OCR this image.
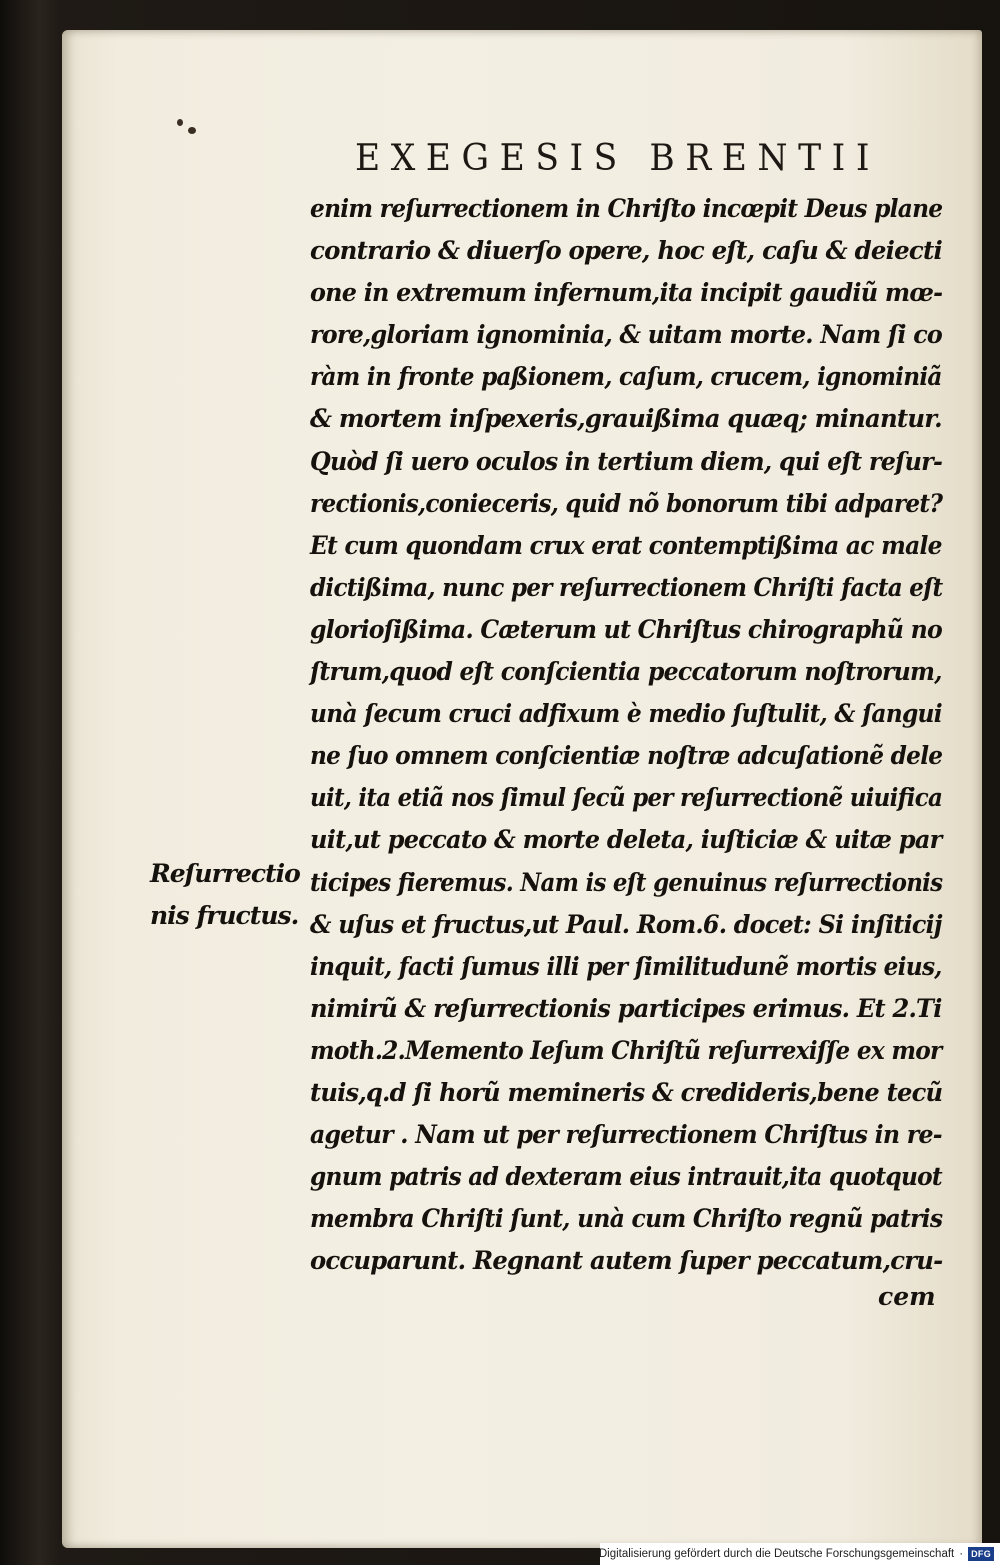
EXEGESIS BRENTII
enim reſurrectionem in Chriſto incœpit Deus plane
contrario & diuerſo opere, hoc eſt, caſu & deiecti
one in extremum infernum,ita incipit gaudiũ mœ-
rore,gloriam ignominia, & uitam morte. Nam ſi co
ràm in fronte paßionem, caſum, crucem, ignominiã
& mortem inſpexeris,grauißima quæq; minantur.
Quòd ſi uero oculos in tertium diem, qui eſt reſur-
rectionis,conieceris, quid nõ bonorum tibi adparet?
Et cum quondam crux erat contemptißima ac male
dictißima, nunc per reſurrectionem Chriſti facta eſt
glorioſißima. Cæterum ut Chriſtus chirographũ no
ſtrum,quod eſt conſcientia peccatorum noſtrorum,
unà ſecum cruci adfixum è medio ſuſtulit, & ſangui
ne ſuo omnem conſcientiæ noſtræ adcuſationẽ dele
uit, ita etiã nos ſimul ſecũ per reſurrectionẽ uiuifica
uit,ut peccato & morte deleta, iuſticiæ & uitæ par
ticipes fieremus. Nam is eſt genuinus reſurrectionis
& uſus et fructus,ut Paul. Rom.6. docet: Si inſiticij
inquit, facti ſumus illi per ſimilitudunẽ mortis eius,
nimirũ & reſurrectionis participes erimus. Et 2.Ti
moth.2.Memento Ieſum Chriſtũ reſurrexiſſe ex mor
tuis,q.d ſi horũ memineris & credideris,bene tecũ
agetur . Nam ut per reſurrectionem Chriſtus in re-
gnum patris ad dexteram eius intrauit,ita quotquot
membra Chriſti ſunt, unà cum Chriſto regnũ patris
occuparunt. Regnant autem ſuper peccatum,cru-
Reſurrectio
nis fructus.
cem
Digitalisierung gefördert durch die Deutsche Forschungsgemeinschaft · DFG
